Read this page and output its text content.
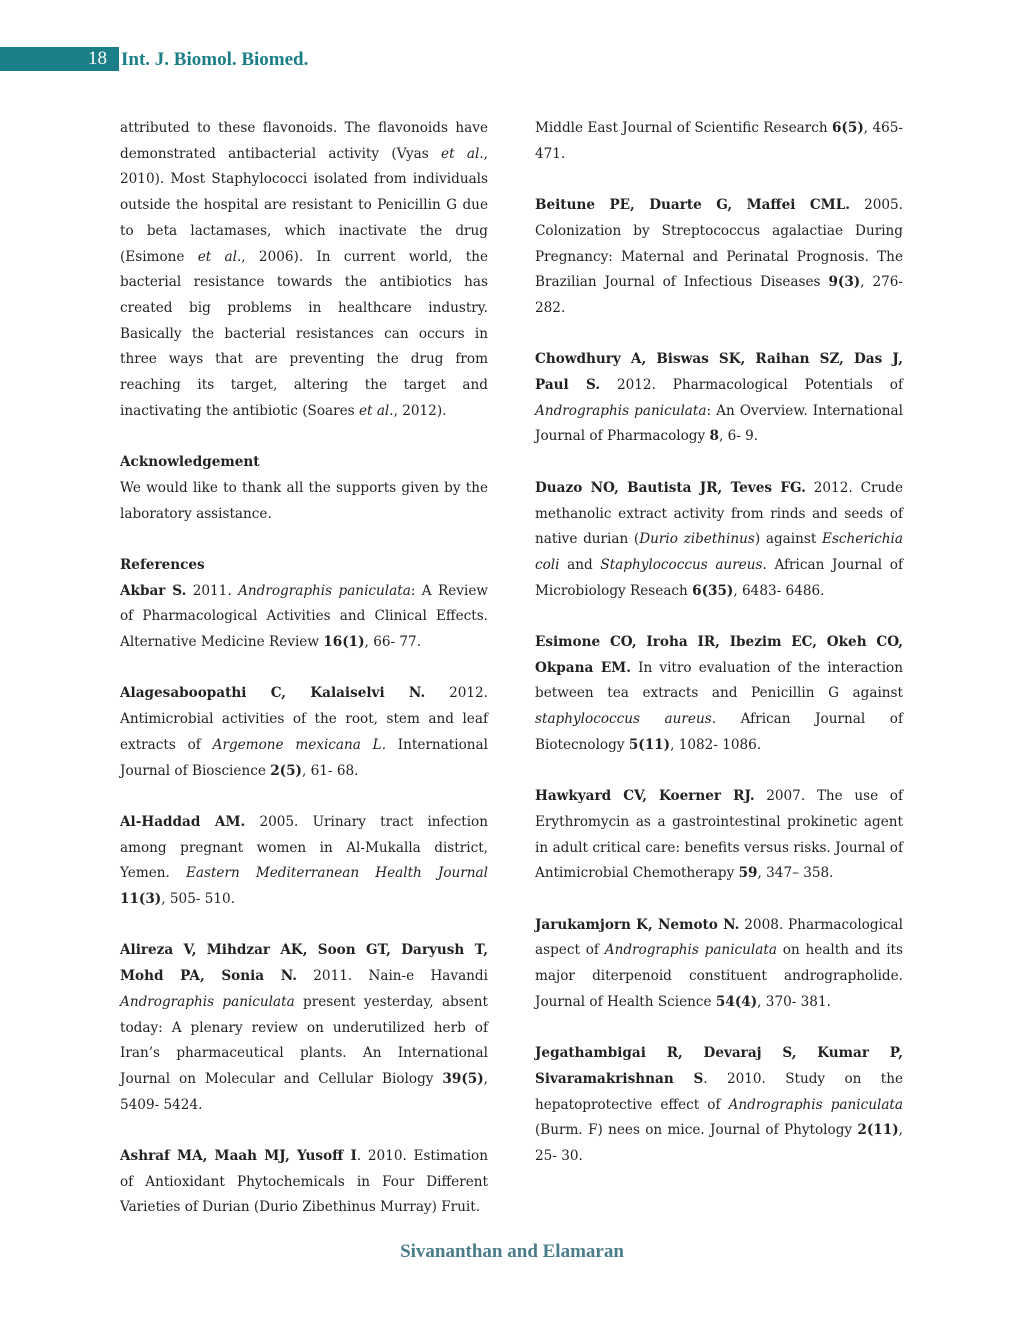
18 Int. J. Biomol. Biomed.

attributed to these flavonoids. The flavonoids have demonstrated antibacterial activity (Vyas et al., 2010). Most Staphylococci isolated from individuals outside the hospital are resistant to Penicillin G due to beta lactamases, which inactivate the drug (Esimone et al., 2006). In current world, the bacterial resistance towards the antibiotics has created big problems in healthcare industry. Basically the bacterial resistances can occurs in three ways that are preventing the drug from reaching its target, altering the target and inactivating the antibiotic (Soares et al., 2012).

Acknowledgement

We would like to thank all the supports given by the laboratory assistance.

References

Akbar S. 2011. Andrographis paniculata: A Review of Pharmacological Activities and Clinical Effects. Alternative Medicine Review 16(1), 66- 77.

Alagesaboopathi C, Kalaiselvi N. 2012. Antimicrobial activities of the root, stem and leaf extracts of Argemone mexicana L. International Journal of Bioscience 2(5), 61- 68.

Al-Haddad AM. 2005. Urinary tract infection among pregnant women in Al-Mukalla district, Yemen. Eastern Mediterranean Health Journal 11(3), 505- 510.

Alireza V, Mihdzar AK, Soon GT, Daryush T, Mohd PA, Sonia N. 2011. Nain-e Havandi Andrographis paniculata present yesterday, absent today: A plenary review on underutilized herb of Iran’s pharmaceutical plants. An International Journal on Molecular and Cellular Biology 39(5), 5409- 5424.

Ashraf MA, Maah MJ, Yusoff I. 2010. Estimation of Antioxidant Phytochemicals in Four Different Varieties of Durian (Durio Zibethinus Murray) Fruit.

Middle East Journal of Scientific Research 6(5), 465- 471.

Beitune PE, Duarte G, Maffei CML. 2005. Colonization by Streptococcus agalactiae During Pregnancy: Maternal and Perinatal Prognosis. The Brazilian Journal of Infectious Diseases 9(3), 276- 282.

Chowdhury A, Biswas SK, Raihan SZ, Das J, Paul S. 2012. Pharmacological Potentials of Andrographis paniculata: An Overview. International Journal of Pharmacology 8, 6- 9.

Duazo NO, Bautista JR, Teves FG. 2012. Crude methanolic extract activity from rinds and seeds of native durian (Durio zibethinus) against Escherichia coli and Staphylococcus aureus. African Journal of Microbiology Reseach 6(35), 6483- 6486.

Esimone CO, Iroha IR, Ibezim EC, Okeh CO, Okpana EM. In vitro evaluation of the interaction between tea extracts and Penicillin G against staphylococcus aureus. African Journal of Biotecnology 5(11), 1082- 1086.

Hawkyard CV, Koerner RJ. 2007. The use of Erythromycin as a gastrointestinal prokinetic agent in adult critical care: benefits versus risks. Journal of Antimicrobial Chemotherapy 59, 347– 358.

Jarukamjorn K, Nemoto N. 2008. Pharmacological aspect of Andrographis paniculata on health and its major diterpenoid constituent andrographolide. Journal of Health Science 54(4), 370- 381.

Jegathambigai R, Devaraj S, Kumar P, Sivaramakrishnan S. 2010. Study on the hepatoprotective effect of Andrographis paniculata (Burm. F) nees on mice. Journal of Phytology 2(11), 25- 30.

Sivananthan and Elamaran
